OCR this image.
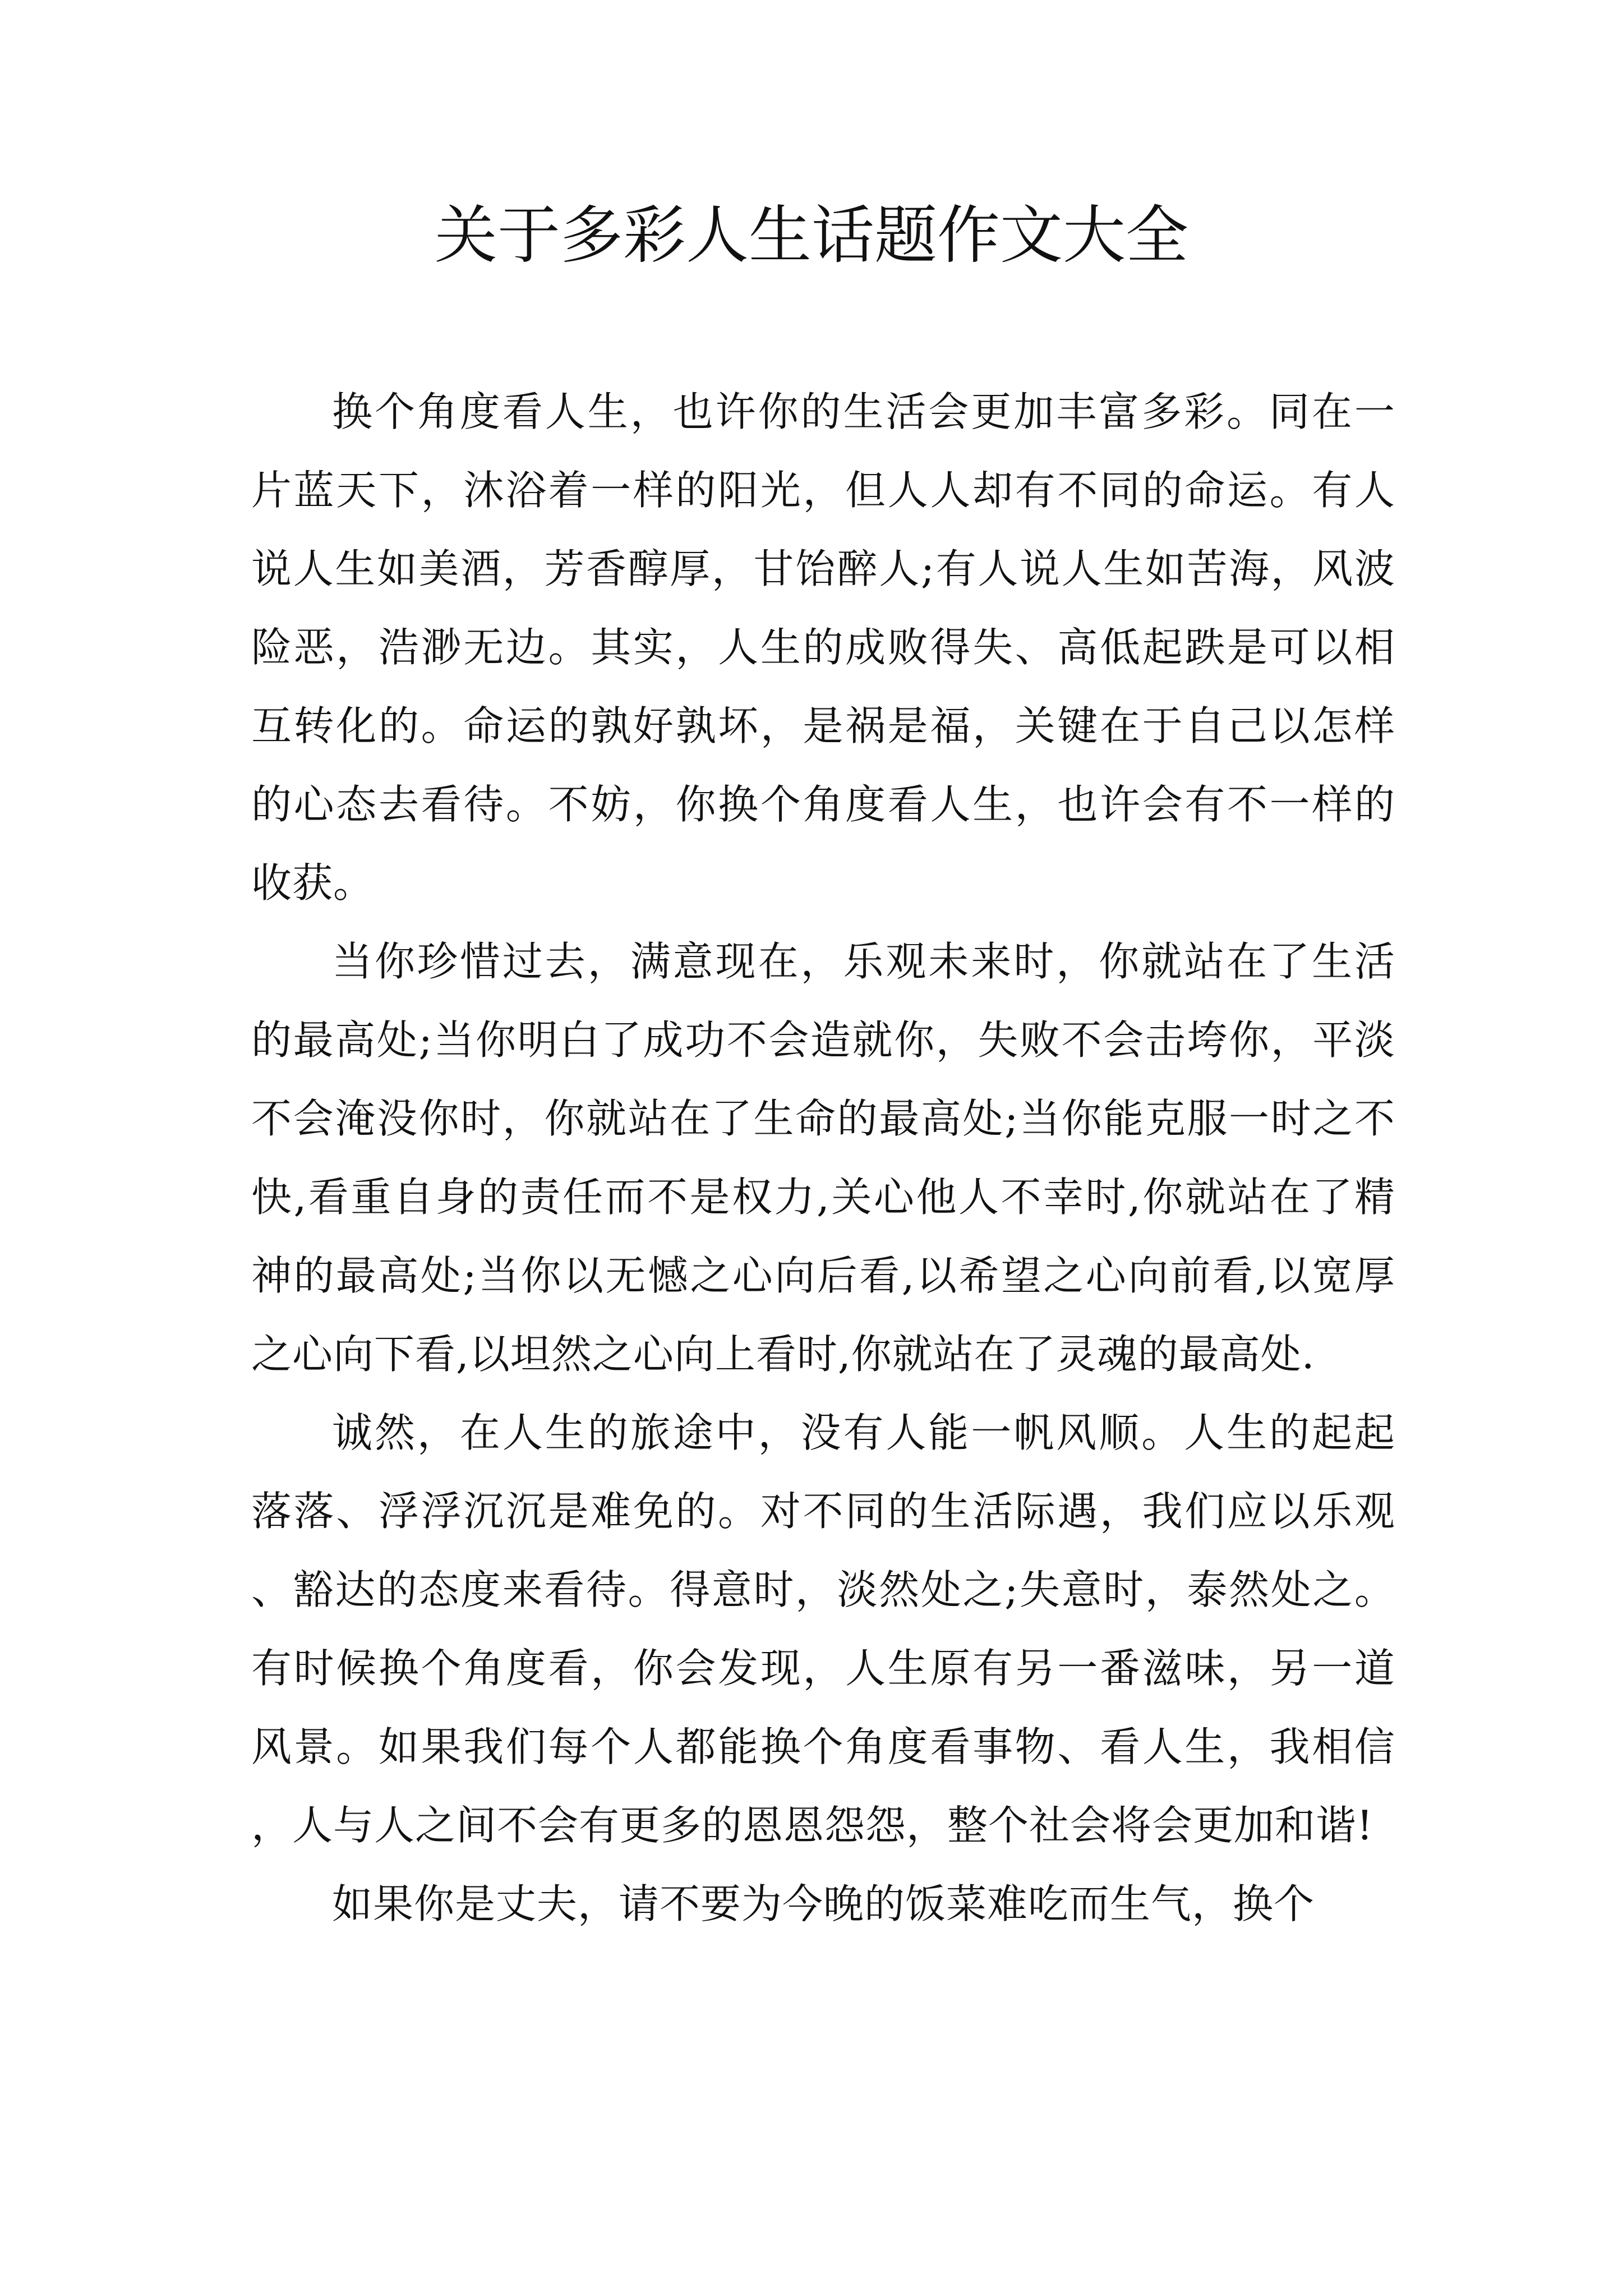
关于多彩人生话题作文大全

换个角度看人生，也许你的生活会更加丰富多彩。同在一片蓝天下，沐浴着一样的阳光，但人人却有不同的命运。有人说人生如美酒，芳香醇厚，甘饴醉人;有人说人生如苦海，风波险恶，浩渺无边。其实，人生的成败得失、高低起跌是可以相互转化的。命运的孰好孰坏，是祸是福，关键在于自己以怎样的心态去看待。不妨，你换个角度看人生，也许会有不一样的收获。

当你珍惜过去，满意现在，乐观未来时，你就站在了生活的最高处;当你明白了成功不会造就你，失败不会击垮你，平淡不会淹没你时，你就站在了生命的最高处;当你能克服一时之不快,看重自身的责任而不是权力,关心他人不幸时,你就站在了精神的最高处;当你以无憾之心向后看,以希望之心向前看,以宽厚之心向下看,以坦然之心向上看时,你就站在了灵魂的最高处.

诚然，在人生的旅途中，没有人能一帆风顺。人生的起起落落、浮浮沉沉是难免的。对不同的生活际遇，我们应以乐观、豁达的态度来看待。得意时，淡然处之;失意时，泰然处之。有时候换个角度看，你会发现，人生原有另一番滋味，另一道风景。如果我们每个人都能换个角度看事物、看人生，我相信，人与人之间不会有更多的恩恩怨怨，整个社会将会更加和谐!

如果你是丈夫，请不要为今晚的饭菜难吃而生气，换个
